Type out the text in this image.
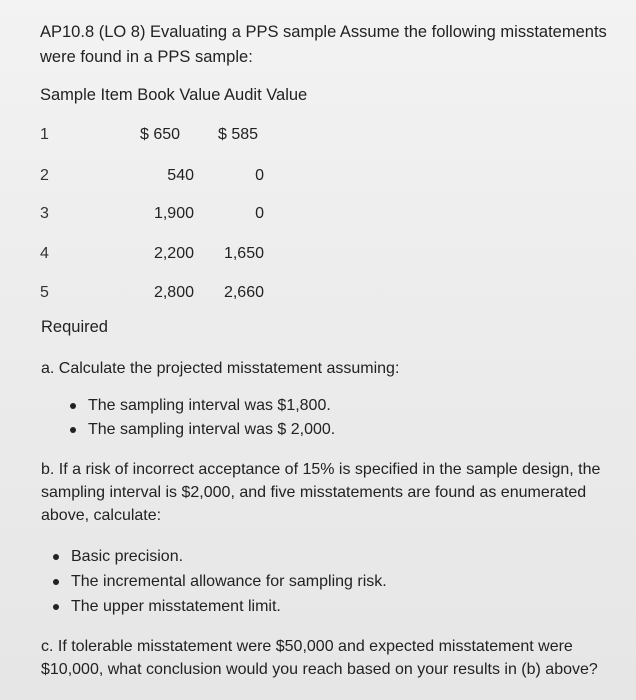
AP10.8 (LO 8) Evaluating a PPS sample Assume the following misstatements were found in a PPS sample:
Sample Item Book Value Audit Value
1	$ 650 $ 585
2	540	0
3	1,900	0
4	2,200	1,650
5	2,800	2,660
Required
a. Calculate the projected misstatement assuming:
The sampling interval was $1,800.
The sampling interval was $ 2,000.
b. If a risk of incorrect acceptance of 15% is specified in the sample design, the sampling interval is $2,000, and five misstatements are found as enumerated above, calculate:
Basic precision.
The incremental allowance for sampling risk.
The upper misstatement limit.
c. If tolerable misstatement were $50,000 and expected misstatement were $10,000, what conclusion would you reach based on your results in (b) above?
